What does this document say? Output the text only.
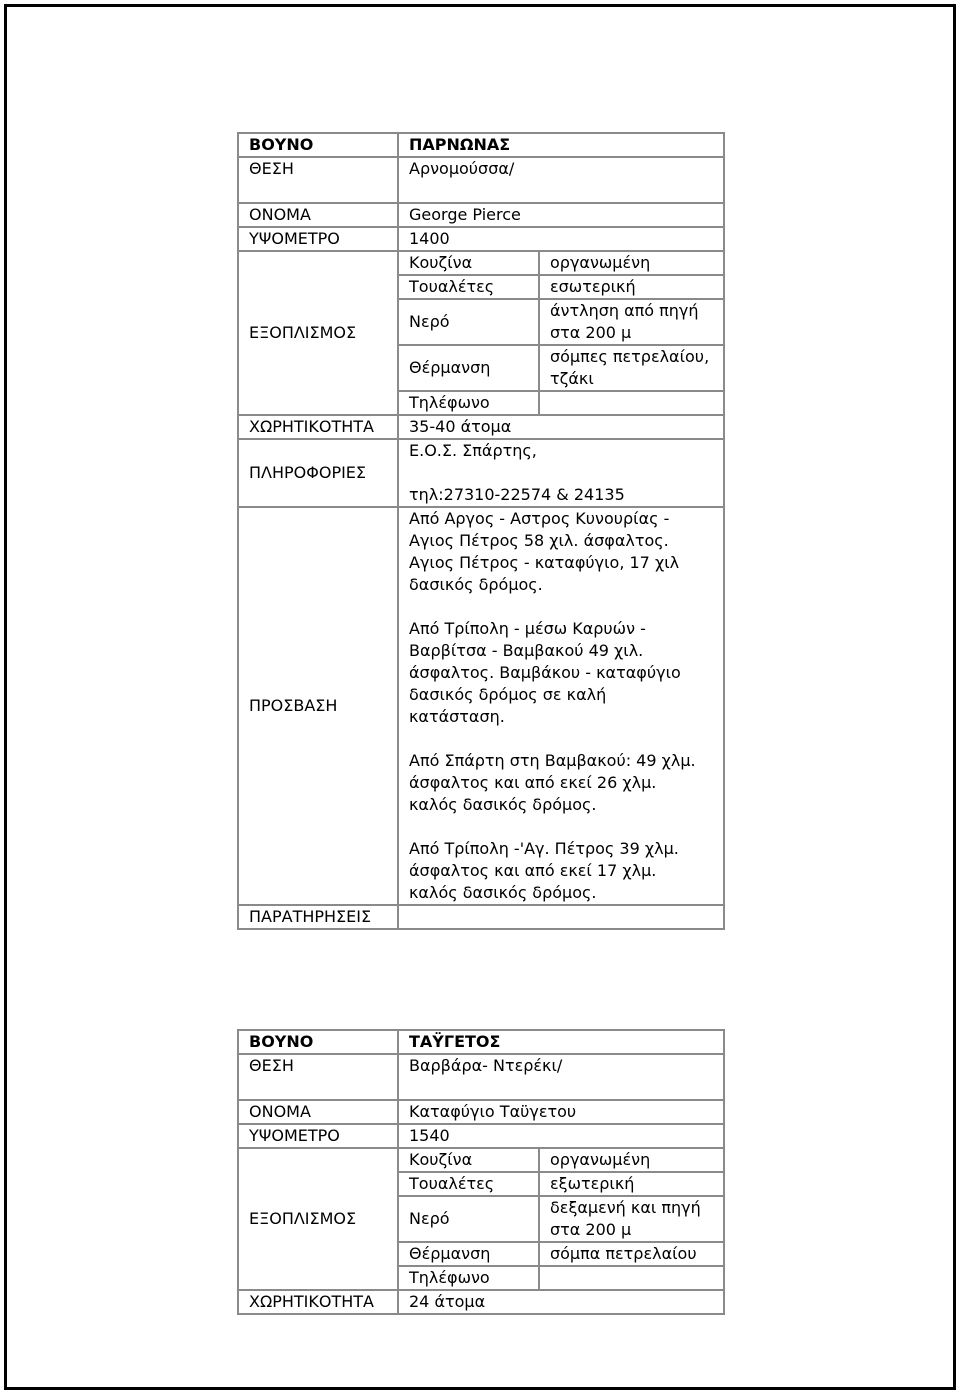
ΒΟΥΝΟ	ΠΑΡΝΩΝΑΣ	
ΘΕΣΗ	Αρνομούσσα/	
ΟΝΟΜΑ	George Pierce	
ΥΨΟΜΕΤΡΟ	1400	
ΕΞΟΠΛΙΣΜΟΣ	Κουζίνα	οργανωμένη
	Τουαλέτες	εσωτερική
	Νερό	άντληση από πηγή στα 200 μ
	Θέρμανση	σόμπες πετρελαίου, τζάκι
	Τηλέφωνο	
ΧΩΡΗΤΙΚΟΤΗΤΑ	35-40 άτομα	
ΠΛΗΡΟΦΟΡΙΕΣ	Ε.Ο.Σ. Σπάρτης,

τηλ:27310-22574 & 24135	

ΠΡΟΣΒΑΣΗ	Από Αργος - Αστρος Κυνουρίας - Αγιος Πέτρος 58 χιλ. άσφαλτος. Αγιος Πέτρος - καταφύγιο, 17 χιλ δασικός δρόμος.

Από Τρίπολη - μέσω Καρυών - Βαρβίτσα - Βαμβακού 49 χιλ. άσφαλτος. Βαμβάκου - καταφύγιο δασικός δρόμος σε καλή κατάσταση.

Από Σπάρτη στη Βαμβακού: 49 χλμ. άσφαλτος και από εκεί 26 χλμ. καλός δασικός δρόμος.

Από Τρίπολη -'Αγ. Πέτρος 39 χλμ. άσφαλτος και από εκεί 17 χλμ. καλός δασικός δρόμος.	

ΠΑΡΑΤΗΡΗΣΕΙΣ		
ΒΟΥΝΟ	ΤΑΫΓΕΤΟΣ	
ΘΕΣΗ	Βαρβάρα- Ντερέκι/	
ΟΝΟΜΑ	Καταφύγιο Ταϋγετου	
ΥΨΟΜΕΤΡΟ	1540	
ΕΞΟΠΛΙΣΜΟΣ	Κουζίνα	οργανωμένη
	Τουαλέτες	εξωτερική
	Νερό	δεξαμενή και πηγή στα 200 μ
	Θέρμανση	σόμπα πετρελαίου
	Τηλέφωνο	
ΧΩΡΗΤΙΚΟΤΗΤΑ	24 άτομα	
